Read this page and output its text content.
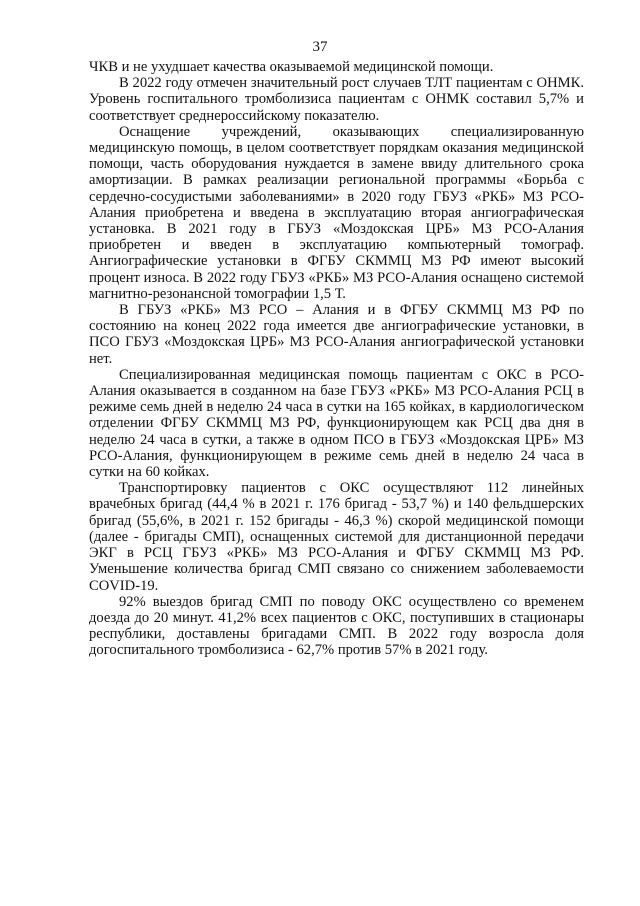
37

ЧКВ и не ухудшает качества оказываемой медицинской помощи.

В 2022 году отмечен значительный рост случаев ТЛТ пациентам с ОНМК. Уровень госпитального тромболизиса пациентам с ОНМК составил 5,7% и соответствует среднероссийскому показателю.

Оснащение учреждений, оказывающих специализированную медицинскую помощь, в целом соответствует порядкам оказания медицинской помощи, часть оборудования нуждается в замене ввиду длительного срока амортизации. В рамках реализации региональной программы «Борьба с сердечно-сосудистыми заболеваниями» в 2020 году ГБУЗ «РКБ» МЗ РСО-Алания приобретена и введена в эксплуатацию вторая ангиографическая установка. В 2021 году в ГБУЗ «Моздокская ЦРБ» МЗ РСО-Алания приобретен и введен в эксплуатацию компьютерный томограф. Ангиографические установки в ФГБУ СКММЦ МЗ РФ имеют высокий процент износа. В 2022 году ГБУЗ «РКБ» МЗ РСО-Алания оснащено системой магнитно-резонансной томографии 1,5 Т.

В ГБУЗ «РКБ» МЗ РСО – Алания и в ФГБУ СКММЦ МЗ РФ по состоянию на конец 2022 года имеется две ангиографические установки, в ПСО ГБУЗ «Моздокская ЦРБ» МЗ РСО-Алания ангиографической установки нет.

Специализированная медицинская помощь пациентам с ОКС в РСО-Алания оказывается в созданном на базе ГБУЗ «РКБ» МЗ РСО-Алания РСЦ в режиме семь дней в неделю 24 часа в сутки на 165 койках, в кардиологическом отделении ФГБУ СКММЦ МЗ РФ, функционирующем как РСЦ два дня в неделю 24 часа в сутки, а также в одном ПСО в ГБУЗ «Моздокская ЦРБ» МЗ РСО-Алания, функционирующем в режиме семь дней в неделю 24 часа в сутки на 60 койках.

Транспортировку пациентов с ОКС осуществляют 112 линейных врачебных бригад (44,4 % в 2021 г. 176 бригад - 53,7 %) и 140 фельдшерских бригад (55,6%, в 2021 г. 152 бригады - 46,3 %) скорой медицинской помощи (далее - бригады СМП), оснащенных системой для дистанционной передачи ЭКГ в РСЦ ГБУЗ «РКБ» МЗ РСО-Алания и ФГБУ СКММЦ МЗ РФ. Уменьшение количества бригад СМП связано со снижением заболеваемости COVID-19.

92% выездов бригад СМП по поводу ОКС осуществлено со временем доезда до 20 минут. 41,2% всех пациентов с ОКС, поступивших в стационары республики, доставлены бригадами СМП. В 2022 году возросла доля догоспитального тромболизиса - 62,7% против 57% в 2021 году.
